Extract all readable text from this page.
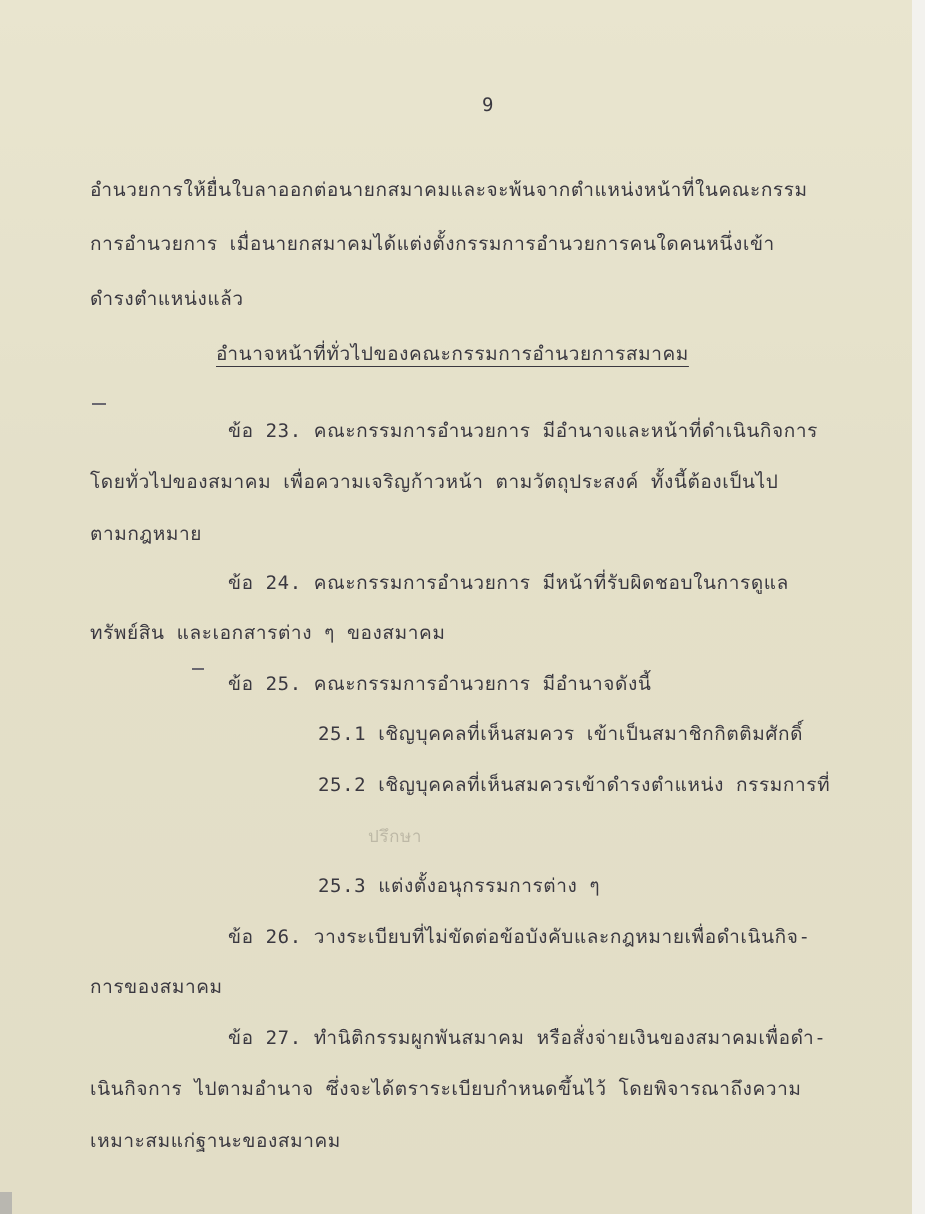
9
อำนวยการให้ยื่นใบลาออกต่อนายกสมาคมและจะพ้นจากตำแหน่งหน้าที่ในคณะกรรม
การอำนวยการ เมื่อนายกสมาคมได้แต่งตั้งกรรมการอำนวยการคนใดคนหนึ่งเข้า
ดำรงตำแหน่งแล้ว
อำนาจหน้าที่ทั่วไปของคณะกรรมการอำนวยการสมาคม
ข้อ 23. คณะกรรมการอำนวยการ มีอำนาจและหน้าที่ดำเนินกิจการ
โดยทั่วไปของสมาคม เพื่อความเจริญก้าวหน้า ตามวัตถุประสงค์ ทั้งนี้ต้องเป็นไป
ตามกฎหมาย
ข้อ 24. คณะกรรมการอำนวยการ มีหน้าที่รับผิดชอบในการดูแล
ทรัพย์สิน และเอกสารต่าง ๆ ของสมาคม
ข้อ 25. คณะกรรมการอำนวยการ มีอำนาจดังนี้
25.1 เชิญบุคคลที่เห็นสมควร เข้าเป็นสมาชิกกิตติมศักดิ์
25.2 เชิญบุคคลที่เห็นสมควรเข้าดำรงตำแหน่ง กรรมการที่
ปรึกษา
25.3 แต่งตั้งอนุกรรมการต่าง ๆ
ข้อ 26. วางระเบียบที่ไม่ขัดต่อข้อบังคับและกฎหมายเพื่อดำเนินกิจ-
การของสมาคม
ข้อ 27. ทำนิติกรรมผูกพันสมาคม หรือสั่งจ่ายเงินของสมาคมเพื่อดำ-
เนินกิจการ ไปตามอำนาจ ซึ่งจะได้ตราระเบียบกำหนดขึ้นไว้ โดยพิจารณาถึงความ
เหมาะสมแก่ฐานะของสมาคม
